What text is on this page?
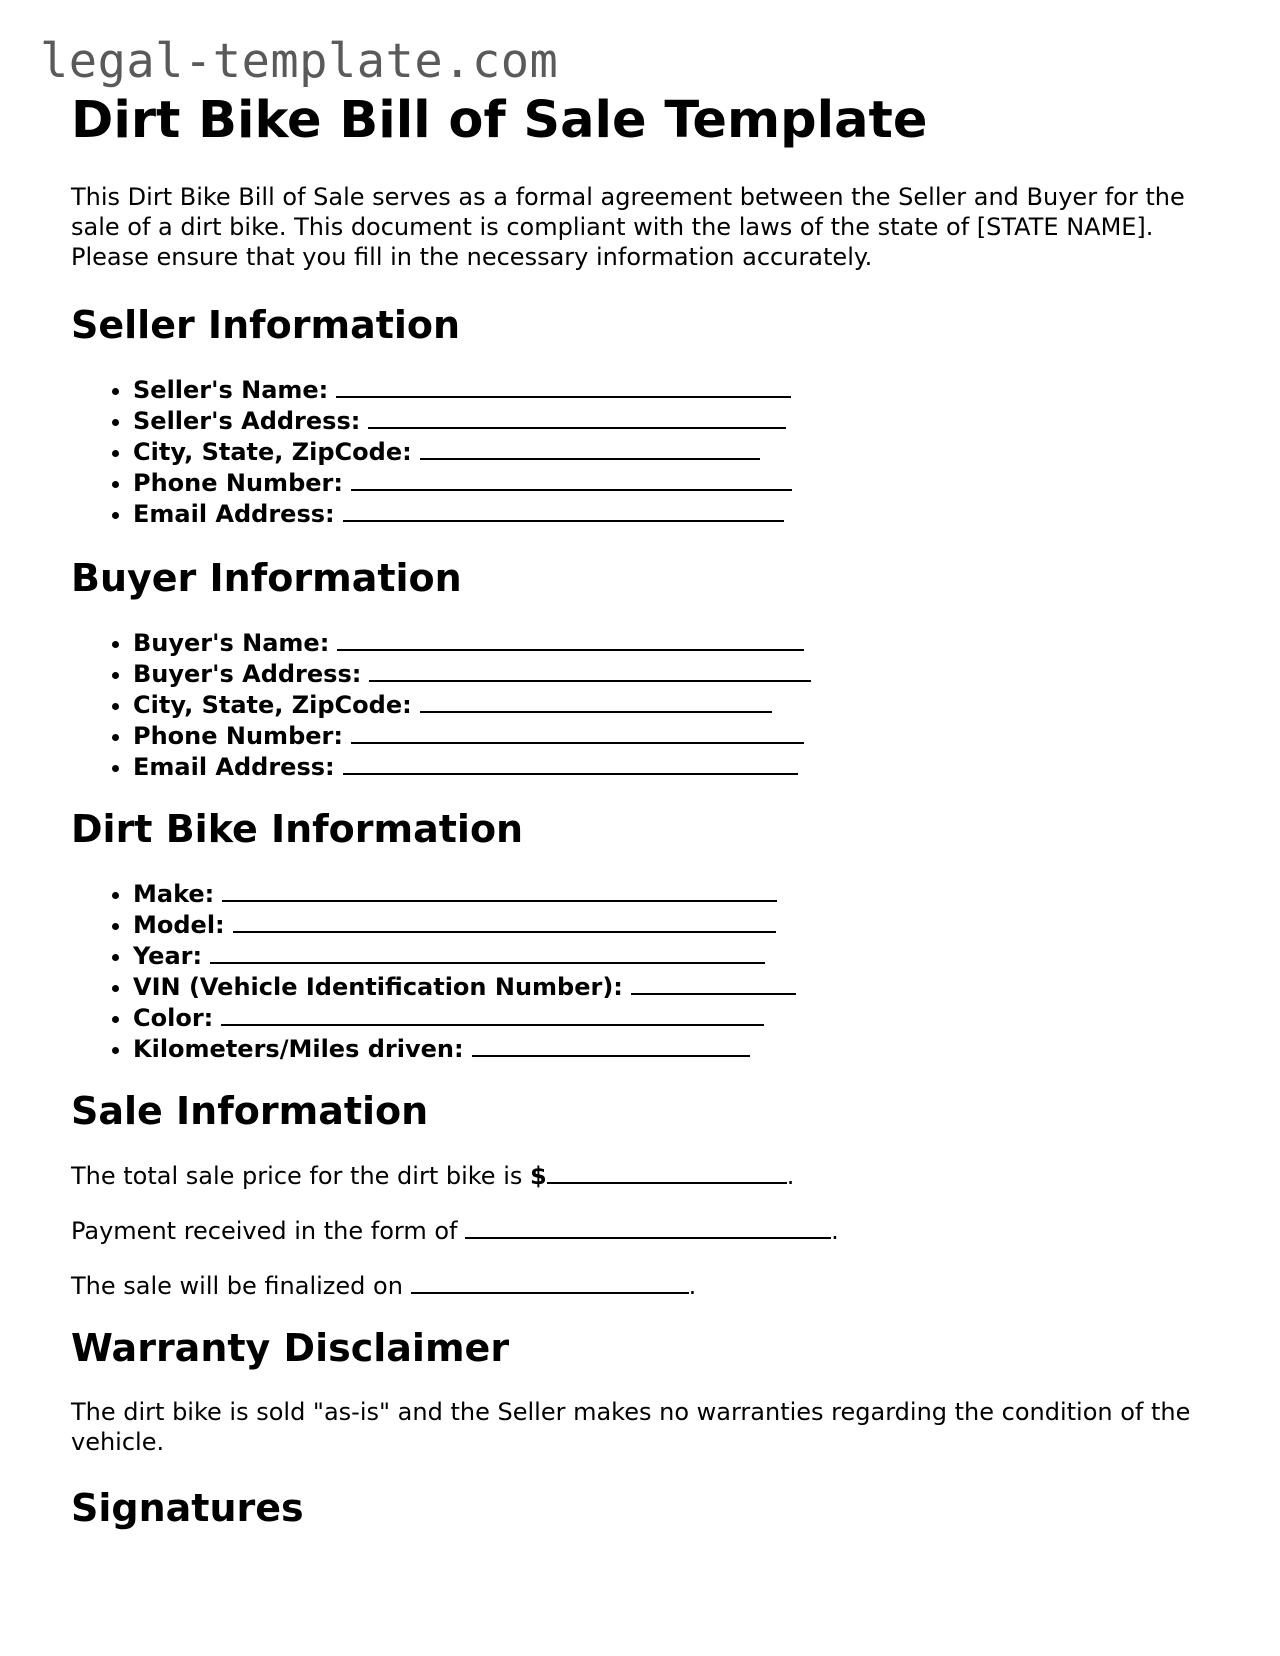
legal-template.com
Dirt Bike Bill of Sale Template

This Dirt Bike Bill of Sale serves as a formal agreement between the Seller and Buyer for the sale of a dirt bike. This document is compliant with the laws of the state of [STATE NAME]. Please ensure that you fill in the necessary information accurately.

Seller Information
• Seller's Name:
• Seller's Address:
• City, State, ZipCode:
• Phone Number:
• Email Address:
Buyer Information
• Buyer's Name:
• Buyer's Address:
• City, State, ZipCode:
• Phone Number:
• Email Address:
Dirt Bike Information
• Make:
• Model:
• Year:
• VIN (Vehicle Identification Number):
• Color:
• Kilometers/Miles driven:
Sale Information

The total sale price for the dirt bike is $	.

Payment received in the form of	.

The sale will be finalized on	.

Warranty Disclaimer

The dirt bike is sold "as-is" and the Seller makes no warranties regarding the condition of the vehicle.

Signatures
